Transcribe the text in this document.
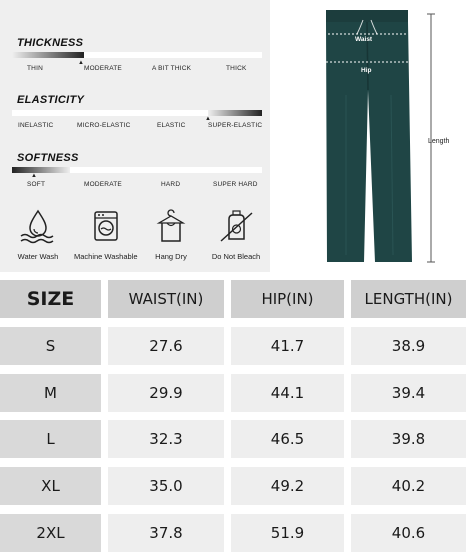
THICKNESS
▲
THIN	MODERATE	A BIT THICK	THICK
ELASTICITY
▲
INELASTIC	MICRO-ELASTIC	ELASTIC	SUPER-ELASTIC
SOFTNESS
▲
SOFT	MODERATE	HARD	SUPER HARD
Water Wash	Machine Washable	Hang Dry	Do Not Bleach
Waist
Hip
Length
SIZE	WAIST(IN)	HIP(IN)	LENGTH(IN)
S	27.6	41.7	38.9
M	29.9	44.1	39.4
L	32.3	46.5	39.8
XL	35.0	49.2	40.2
2XL	37.8	51.9	40.6
